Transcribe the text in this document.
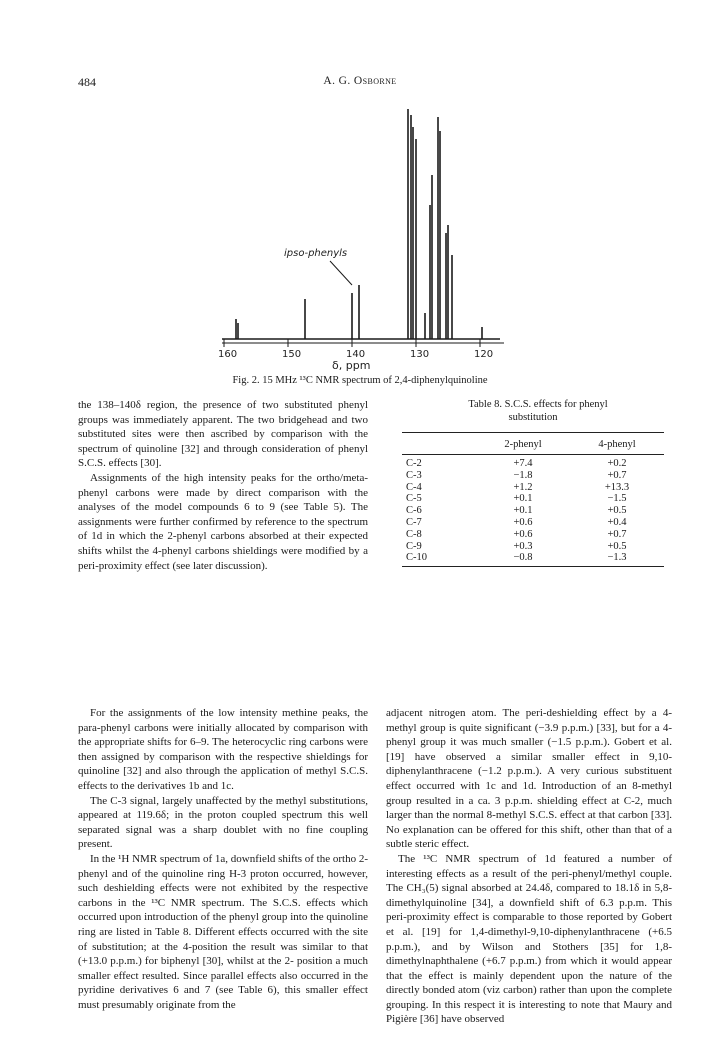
484	A. G. Osborne
ipso-phenyls
160	150	140	130	120
δ, ppm
Fig. 2. 15 MHz ¹³C NMR spectrum of 2,4-diphenylquinoline

the 138–140δ region, the presence of two substituted phenyl groups was immediately apparent. The two bridgehead and two substituted sites were then ascribed by comparison with the spectrum of quinoline [32] and through consideration of phenyl S.C.S. effects [30].

Assignments of the high intensity peaks for the ortho/meta-phenyl carbons were made by direct comparison with the analyses of the model compounds 6 to 9 (see Table 5). The assignments were further confirmed by reference to the spectrum of 1d in which the 2-phenyl carbons absorbed at their expected shifts whilst the 4-phenyl carbons shieldings were modified by a peri-proximity effect (see later discussion).

Table 8. S.C.S. effects for phenyl
substitution

	2-phenyl	4-phenyl
C-2	+7.4	+0.2
C-3	−1.8	+0.7
C-4	+1.2	+13.3
C-5	+0.1	−1.5
C-6	+0.1	+0.5
C-7	+0.6	+0.4
C-8	+0.6	+0.7
C-9	+0.3	+0.5
C-10	−0.8	−1.3

For the assignments of the low intensity methine peaks, the para-phenyl carbons were initially allocated by comparison with the appropriate shifts for 6–9. The heterocyclic ring carbons were then assigned by comparison with the respective shieldings for quinoline [32] and also through the application of methyl S.C.S. effects to the derivatives 1b and 1c.

The C-3 signal, largely unaffected by the methyl substitutions, appeared at 119.6δ; in the proton coupled spectrum this well separated signal was a sharp doublet with no fine coupling present.

In the ¹H NMR spectrum of 1a, downfield shifts of the ortho 2-phenyl and of the quinoline ring H-3 proton occurred, however, such deshielding effects were not exhibited by the respective carbons in the ¹³C NMR spectrum. The S.C.S. effects which occurred upon introduction of the phenyl group into the quinoline ring are listed in Table 8. Different effects occurred with the site of substitution; at the 4-position the result was similar to that (+13.0 p.p.m.) for biphenyl [30], whilst at the 2- position a much smaller effect resulted. Since parallel effects also occurred in the pyridine derivatives 6 and 7 (see Table 6), this smaller effect must presumably originate from the

adjacent nitrogen atom. The peri-deshielding effect by a 4-methyl group is quite significant (−3.9 p.p.m.) [33], but for a 4-phenyl group it was much smaller (−1.5 p.p.m.). Gobert et al. [19] have observed a similar smaller effect in 9,10-diphenylanthracene (−1.2 p.p.m.). A very curious substituent effect occurred with 1c and 1d. Introduction of an 8-methyl group resulted in a ca. 3 p.p.m. shielding effect at C-2, much larger than the normal 8-methyl S.C.S. effect at that carbon [33]. No explanation can be offered for this shift, other than that of a subtle steric effect.

The ¹³C NMR spectrum of 1d featured a number of interesting effects as a result of the peri-phenyl/methyl couple. The CH₃(5) signal absorbed at 24.4δ, compared to 18.1δ in 5,8-dimethylquinoline [34], a downfield shift of 6.3 p.p.m. This peri-proximity effect is comparable to those reported by Gobert et al. [19] for 1,4-dimethyl-9,10-diphenylanthracene (+6.5 p.p.m.), and by Wilson and Stothers [35] for 1,8-dimethylnaphthalene (+6.7 p.p.m.) from which it would appear that the effect is mainly dependent upon the nature of the directly bonded atom (viz carbon) rather than upon the complete grouping. In this respect it is interesting to note that Maury and Pigière [36] have observed
